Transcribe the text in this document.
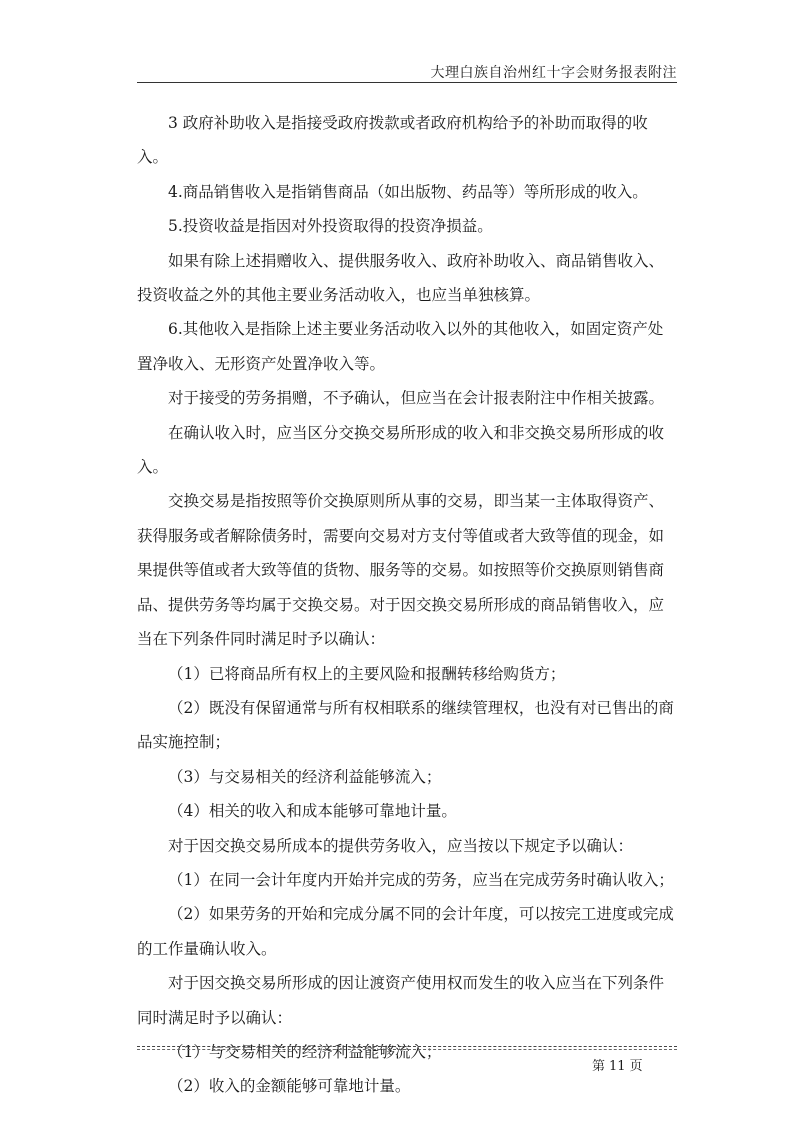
大理白族自治州红十字会财务报表附注

3 政府补助收入是指接受政府拨款或者政府机构给予的补助而取得的收入。

4.商品销售收入是指销售商品（如出版物、药品等）等所形成的收入。

5.投资收益是指因对外投资取得的投资净损益。

如果有除上述捐赠收入、提供服务收入、政府补助收入、商品销售收入、投资收益之外的其他主要业务活动收入，也应当单独核算。

6.其他收入是指除上述主要业务活动收入以外的其他收入，如固定资产处置净收入、无形资产处置净收入等。

对于接受的劳务捐赠，不予确认，但应当在会计报表附注中作相关披露。

在确认收入时，应当区分交换交易所形成的收入和非交换交易所形成的收入。

交换交易是指按照等价交换原则所从事的交易，即当某一主体取得资产、获得服务或者解除债务时，需要向交易对方支付等值或者大致等值的现金，如果提供等值或者大致等值的货物、服务等的交易。如按照等价交换原则销售商品、提供劳务等均属于交换交易。对于因交换交易所形成的商品销售收入，应当在下列条件同时满足时予以确认：

（1）已将商品所有权上的主要风险和报酬转移给购货方；

（2）既没有保留通常与所有权相联系的继续管理权，也没有对已售出的商品实施控制；

（3）与交易相关的经济利益能够流入；

（4）相关的收入和成本能够可靠地计量。

对于因交换交易所成本的提供劳务收入，应当按以下规定予以确认：

（1）在同一会计年度内开始并完成的劳务，应当在完成劳务时确认收入；

（2）如果劳务的开始和完成分属不同的会计年度，可以按完工进度或完成的工作量确认收入。

对于因交换交易所形成的因让渡资产使用权而发生的收入应当在下列条件同时满足时予以确认：

（1）与交易相关的经济利益能够流入；

（2）收入的金额能够可靠地计量。

第 11 页
